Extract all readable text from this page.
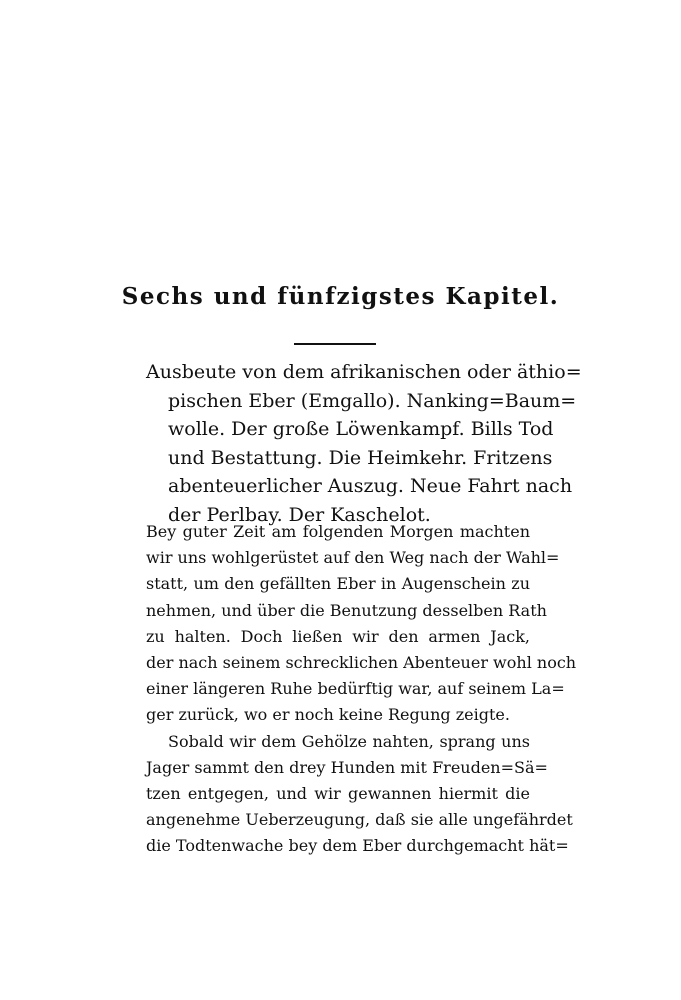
Sechs und fünfzigstes Kapitel.
Ausbeute von dem afrikanischen oder äthio=
pischen Eber (Emgallo). Nanking=Baum=
wolle. Der große Löwenkampf. Bills Tod
und Bestattung. Die Heimkehr. Fritzens
abenteuerlicher Auszug. Neue Fahrt nach
der Perlbay. Der Kaschelot.
Bey guter Zeit am folgenden Morgen machten
wir uns wohlgerüstet auf den Weg nach der Wahl=
statt, um den gefällten Eber in Augenschein zu
nehmen, und über die Benutzung desselben Rath
zu halten. Doch ließen wir den armen Jack,
der nach seinem schrecklichen Abenteuer wohl noch
einer längeren Ruhe bedürftig war, auf seinem La=
ger zurück, wo er noch keine Regung zeigte.
Sobald wir dem Gehölze nahten, sprang uns
Jager sammt den drey Hunden mit Freuden=Sä=
tzen entgegen, und wir gewannen hiermit die
angenehme Ueberzeugung, daß sie alle ungefährdet
die Todtenwache bey dem Eber durchgemacht hät=
